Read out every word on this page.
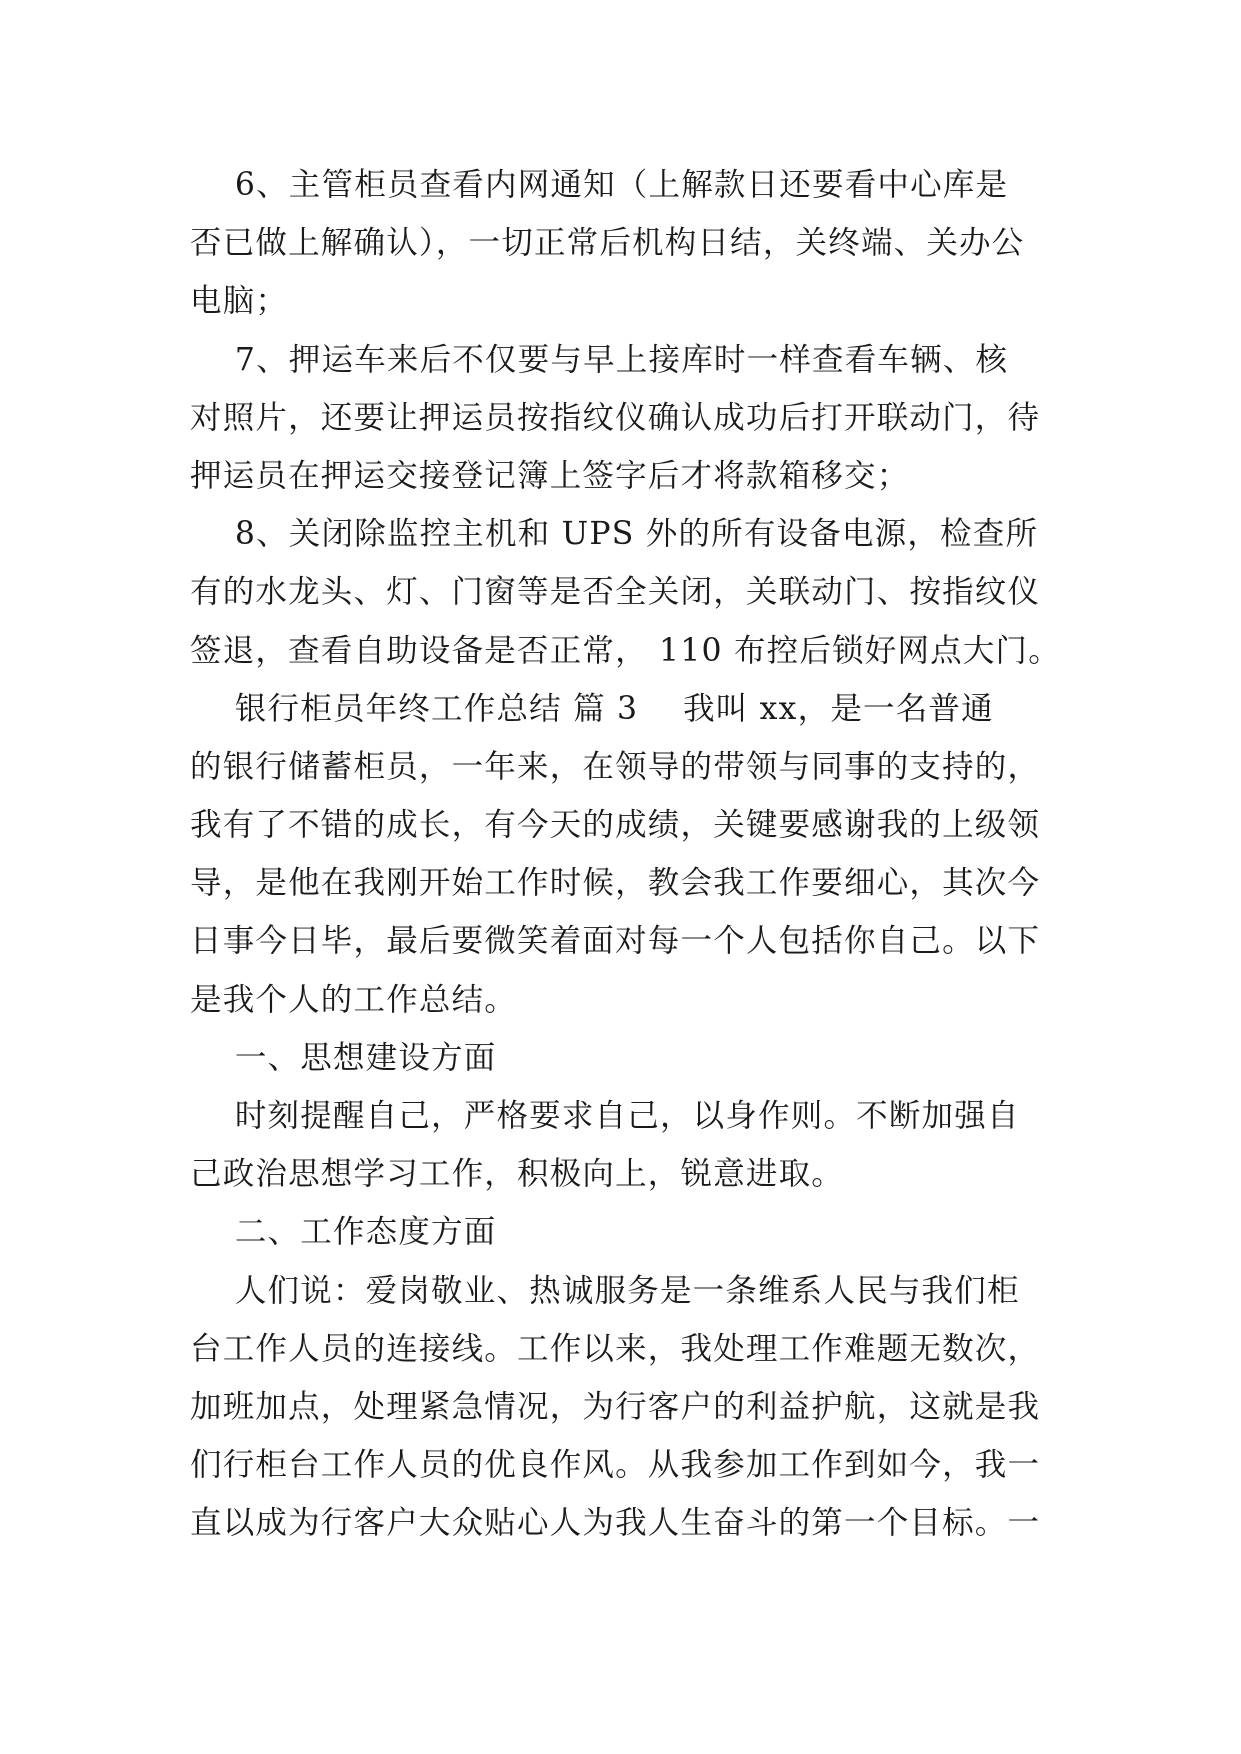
6、主管柜员查看内网通知（上解款日还要看中心库是
否已做上解确认），一切正常后机构日结，关终端、关办公
电脑；
7、押运车来后不仅要与早上接库时一样查看车辆、核
对照片，还要让押运员按指纹仪确认成功后打开联动门，待
押运员在押运交接登记簿上签字后才将款箱移交；
8、关闭除监控主机和 UPS 外的所有设备电源，检查所
有的水龙头、灯、门窗等是否全关闭，关联动门、按指纹仪
签退，查看自助设备是否正常， 110 布控后锁好网点大门。
银行柜员年终工作总结 篇 3    我叫 xx，是一名普通
的银行储蓄柜员，一年来，在领导的带领与同事的支持的，
我有了不错的成长，有今天的成绩，关键要感谢我的上级领
导，是他在我刚开始工作时候，教会我工作要细心，其次今
日事今日毕，最后要微笑着面对每一个人包括你自己。以下
是我个人的工作总结。
一、思想建设方面
时刻提醒自己，严格要求自己，以身作则。不断加强自
己政治思想学习工作，积极向上，锐意进取。
二、工作态度方面
人们说：爱岗敬业、热诚服务是一条维系人民与我们柜
台工作人员的连接线。工作以来，我处理工作难题无数次，
加班加点，处理紧急情况，为行客户的利益护航，这就是我
们行柜台工作人员的优良作风。从我参加工作到如今，我一
直以成为行客户大众贴心人为我人生奋斗的第一个目标。一
